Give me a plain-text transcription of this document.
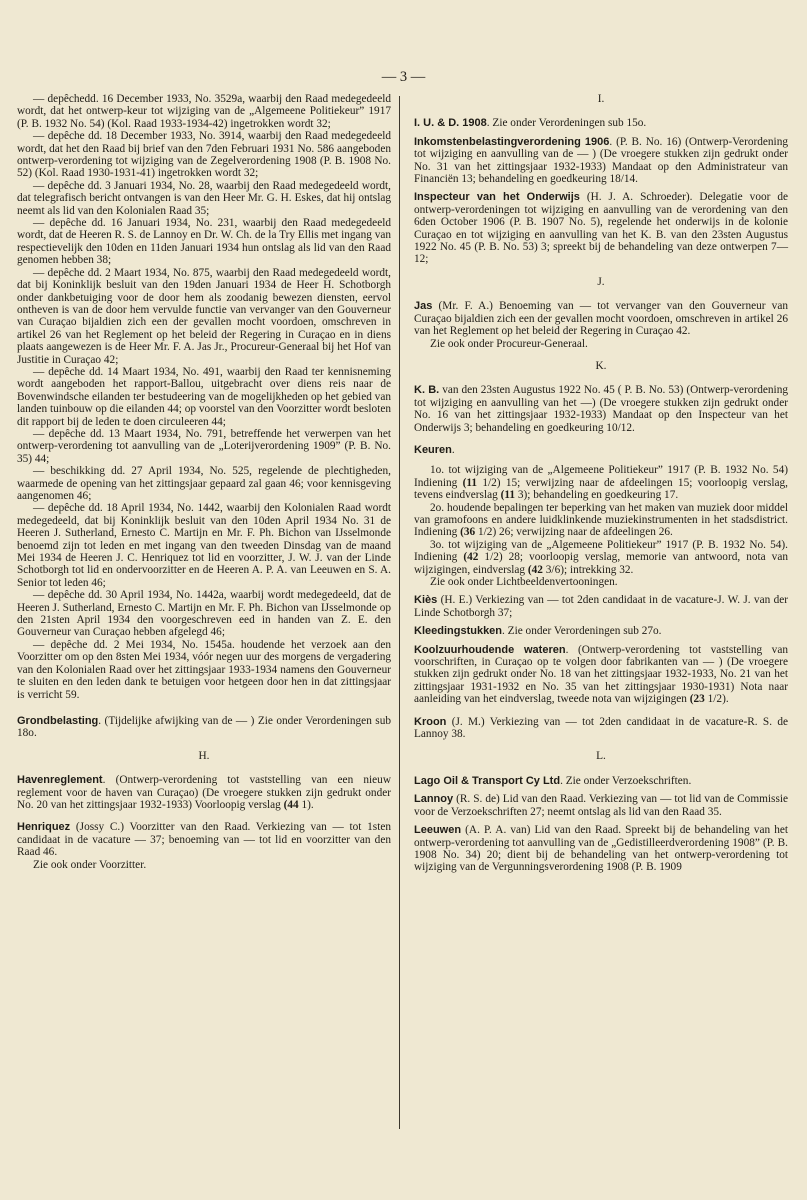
— 3 —

— depêchedd. 16 December 1933, No. 3529a, waarbij den Raad medegedeeld wordt, dat het ontwerp-keur tot wijziging van de „Algemeene Politiekeur” 1917 (P. B. 1932 No. 54) (Kol. Raad 1933-1934-42) ingetrokken wordt 32;

— depêche dd. 18 December 1933, No. 3914, waarbij den Raad medegedeeld wordt, dat het den Raad bij brief van den 7den Februari 1931 No. 586 aangeboden ontwerp-verordening tot wijziging van de Zegelverordening 1908 (P. B. 1908 No. 52) (Kol. Raad 1930-1931-41) ingetrokken wordt 32;

— depêche dd. 3 Januari 1934, No. 28, waarbij den Raad medegedeeld wordt, dat telegrafisch bericht ontvangen is van den Heer Mr. G. H. Eskes, dat hij ontslag neemt als lid van den Kolonialen Raad 35;

— depêche dd. 16 Januari 1934, No. 231, waarbij den Raad medegedeeld wordt, dat de Heeren R. S. de Lannoy en Dr. W. Ch. de la Try Ellis met ingang van respectievelijk den 10den en 11den Januari 1934 hun ontslag als lid van den Raad genomen hebben 38;

— depêche dd. 2 Maart 1934, No. 875, waarbij den Raad medegedeeld wordt, dat bij Koninklijk besluit van den 19den Januari 1934 de Heer H. Schotborgh onder dankbetuiging voor de door hem als zoodanig bewezen diensten, eervol ontheven is van de door hem vervulde functie van vervanger van den Gouverneur van Curaçao bijaldien zich een der gevallen mocht voordoen, omschreven in artikel 26 van het Reglement op het beleid der Regering in Curaçao en in diens plaats aangewezen is de Heer Mr. F. A. Jas Jr., Procureur-Generaal bij het Hof van Justitie in Curaçao 42;

— depêche dd. 14 Maart 1934, No. 491, waarbij den Raad ter kennisneming wordt aangeboden het rapport-Ballou, uitgebracht over diens reis naar de Bovenwindsche eilanden ter bestudeering van de mogelijkheden op het gebied van landen tuinbouw op die eilanden 44; op voorstel van den Voorzitter wordt besloten dit rapport bij de leden te doen circuleeren 44;

— depêche dd. 13 Maart 1934, No. 791, betreffende het verwerpen van het ontwerp-verordening tot aanvulling van de „Loterijverordening 1909” (P. B. No. 35) 44;

— beschikking dd. 27 April 1934, No. 525, regelende de plechtigheden, waarmede de opening van het zittingsjaar gepaard zal gaan 46; voor kennisgeving aangenomen 46;

— depêche dd. 18 April 1934, No. 1442, waarbij den Kolonialen Raad wordt medegedeeld, dat bij Koninklijk besluit van den 10den April 1934 No. 31 de Heeren J. Sutherland, Ernesto C. Martijn en Mr. F. Ph. Bichon van IJsselmonde benoemd zijn tot leden en met ingang van den tweeden Dinsdag van de maand Mei 1934 de Heeren J. C. Henriquez tot lid en voorzitter, J. W. J. van der Linde Schotborgh tot lid en ondervoorzitter en de Heeren A. P. A. van Leeuwen en S. A. Senior tot leden 46;

— depêche dd. 30 April 1934, No. 1442a, waarbij wordt medegedeeld, dat de Heeren J. Sutherland, Ernesto C. Martijn en Mr. F. Ph. Bichon van IJsselmonde op den 21sten April 1934 den voorgeschreven eed in handen van Z. E. den Gouverneur van Curaçao hebben afgelegd 46;

— depêche dd. 2 Mei 1934, No. 1545a. houdende het verzoek aan den Voorzitter om op den 8sten Mei 1934, vóór negen uur des morgens de vergadering van den Kolonialen Raad over het zittingsjaar 1933-1934 namens den Gouverneur te sluiten en den leden dank te betuigen voor hetgeen door hen in dat zittingsjaar is verricht 59.

Grondbelasting. (Tijdelijke afwijking van de — ) Zie onder Verordeningen sub 18o.

H.

Havenreglement. (Ontwerp-verordening tot vaststelling van een nieuw reglement voor de haven van Curaçao) (De vroegere stukken zijn gedrukt onder No. 20 van het zittingsjaar 1932-1933) Voorloopig verslag (44 1).

Henriquez (Jossy C.) Voorzitter van den Raad. Verkiezing van — tot 1sten candidaat in de vacature — 37; benoeming van — tot lid en voorzitter van den Raad 46.

Zie ook onder Voorzitter.

I.

I. U. & D. 1908. Zie onder Verordeningen sub 15o.

Inkomstenbelastingverordening 1906. (P. B. No. 16) (Ontwerp-Verordening tot wijziging en aanvulling van de — ) (De vroegere stukken zijn gedrukt onder No. 31 van het zittingsjaar 1932-1933) Mandaat op den Administrateur van Financiën 13; behandeling en goedkeuring 18/14.

Inspecteur van het Onderwijs (H. J. A. Schroeder). Delegatie voor de ontwerp-verordeningen tot wijziging en aanvulling van de verordening van den 6den October 1906 (P. B. 1907 No. 5), regelende het onderwijs in de kolonie Curaçao en tot wijziging en aanvulling van het K. B. van den 23sten Augustus 1922 No. 45 (P. B. No. 53) 3; spreekt bij de behandeling van deze ontwerpen 7—12;

J.

Jas (Mr. F. A.) Benoeming van — tot vervanger van den Gouverneur van Curaçao bijaldien zich een der gevallen mocht voordoen, omschreven in artikel 26 van het Reglement op het beleid der Regering in Curaçao 42.

Zie ook onder Procureur-Generaal.

K.

K. B. van den 23sten Augustus 1922 No. 45 ( P. B. No. 53) (Ontwerp-verordening tot wijziging en aanvulling van het —) (De vroegere stukken zijn gedrukt onder No. 16 van het zittingsjaar 1932-1933) Mandaat op den Inspecteur van het Onderwijs 3; behandeling en goedkeuring 10/12.

Keuren.

1o. tot wijziging van de „Algemeene Politiekeur” 1917 (P. B. 1932 No. 54) Indiening (11 1/2) 15; verwijzing naar de afdeelingen 15; voorloopig verslag, tevens eindverslag (11 3); behandeling en goedkeuring 17.

2o. houdende bepalingen ter beperking van het maken van muziek door middel van gramofoons en andere luidklinkende muziekinstrumenten in het stadsdistrict. Indiening (36 1/2) 26; verwijzing naar de afdeelingen 26.

3o. tot wijziging van de „Algemeene Politiekeur” 1917 (P. B. 1932 No. 54). Indiening (42 1/2) 28; voorloopig verslag, memorie van antwoord, nota van wijzigingen, eindverslag (42 3/6); intrekking 32.

Zie ook onder Lichtbeeldenvertooningen.

Kiès (H. E.) Verkiezing van — tot 2den candidaat in de vacature-J. W. J. van der Linde Schotborgh 37;

Kleedingstukken. Zie onder Verordeningen sub 27o.

Koolzuurhoudende wateren. (Ontwerp-verordening tot vaststelling van voorschriften, in Curaçao op te volgen door fabrikanten van — ) (De vroegere stukken zijn gedrukt onder No. 18 van het zittingsjaar 1932-1933, No. 21 van het zittingsjaar 1931-1932 en No. 35 van het zittingsjaar 1930-1931) Nota naar aanleiding van het eindverslag, tweede nota van wijzigingen (23 1/2).

Kroon (J. M.) Verkiezing van — tot 2den candidaat in de vacature-R. S. de Lannoy 38.

L.

Lago Oil & Transport Cy Ltd. Zie onder Verzoekschriften.

Lannoy (R. S. de) Lid van den Raad. Verkiezing van — tot lid van de Commissie voor de Verzoekschriften 27; neemt ontslag als lid van den Raad 35.

Leeuwen (A. P. A. van) Lid van den Raad. Spreekt bij de behandeling van het ontwerp-verordening tot aanvulling van de „Gedistilleerdverordening 1908” (P. B. 1908 No. 34) 20; dient bij de behandeling van het ontwerp-verordening tot wijziging van de Vergunningsverordening 1908 (P. B. 1909
